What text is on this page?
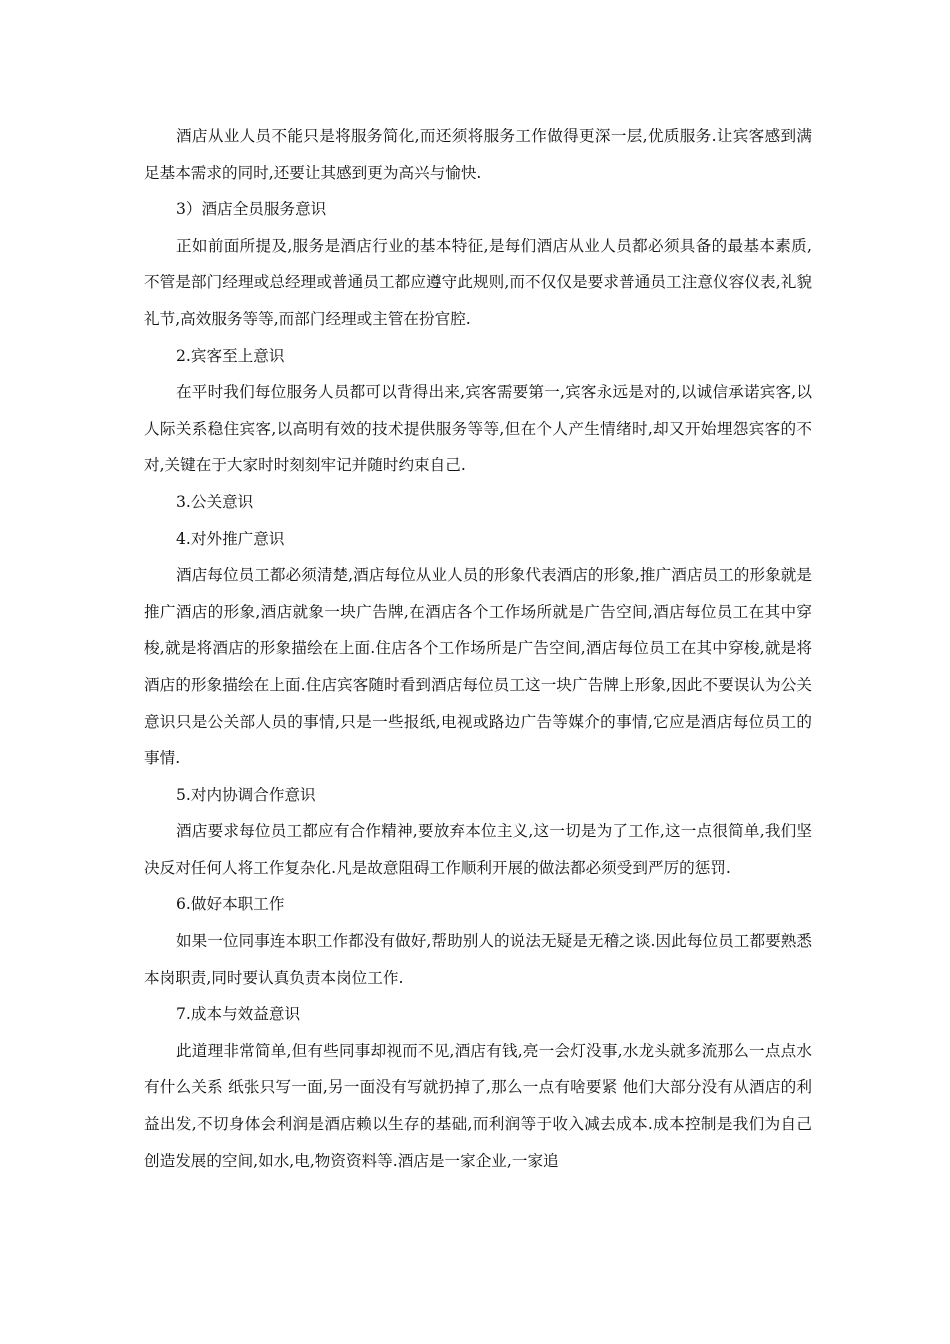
酒店从业人员不能只是将服务简化,而还须将服务工作做得更深一层,优质服务.让宾客感到满足基本需求的同时,还要让其感到更为高兴与愉快.

3）酒店全员服务意识

正如前面所提及,服务是酒店行业的基本特征,是每们酒店从业人员都必须具备的最基本素质,不管是部门经理或总经理或普通员工都应遵守此规则,而不仅仅是要求普通员工注意仪容仪表,礼貌礼节,高效服务等等,而部门经理或主管在扮官腔.

2.宾客至上意识

在平时我们每位服务人员都可以背得出来,宾客需要第一,宾客永远是对的,以诚信承诺宾客,以人际关系稳住宾客,以高明有效的技术提供服务等等,但在个人产生情绪时,却又开始埋怨宾客的不对,关键在于大家时时刻刻牢记并随时约束自己.

3.公关意识

4.对外推广意识

酒店每位员工都必须清楚,酒店每位从业人员的形象代表酒店的形象,推广酒店员工的形象就是推广酒店的形象,酒店就象一块广告牌,在酒店各个工作场所就是广告空间,酒店每位员工在其中穿梭,就是将酒店的形象描绘在上面.住店各个工作场所是广告空间,酒店每位员工在其中穿梭,就是将酒店的形象描绘在上面.住店宾客随时看到酒店每位员工这一块广告牌上形象,因此不要误认为公关意识只是公关部人员的事情,只是一些报纸,电视或路边广告等媒介的事情,它应是酒店每位员工的事情.

5.对内协调合作意识

酒店要求每位员工都应有合作精神,要放弃本位主义,这一切是为了工作,这一点很简单,我们坚决反对任何人将工作复杂化.凡是故意阻碍工作顺利开展的做法都必须受到严厉的惩罚.

6.做好本职工作

如果一位同事连本职工作都没有做好,帮助别人的说法无疑是无稽之谈.因此每位员工都要熟悉本岗职责,同时要认真负责本岗位工作.

7.成本与效益意识

此道理非常简单,但有些同事却视而不见,酒店有钱,亮一会灯没事,水龙头就多流那么一点点水有什么关系 纸张只写一面,另一面没有写就扔掉了,那么一点有啥要紧 他们大部分没有从酒店的利益出发,不切身体会利润是酒店赖以生存的基础,而利润等于收入减去成本.成本控制是我们为自己创造发展的空间,如水,电,物资资料等.酒店是一家企业,一家追
